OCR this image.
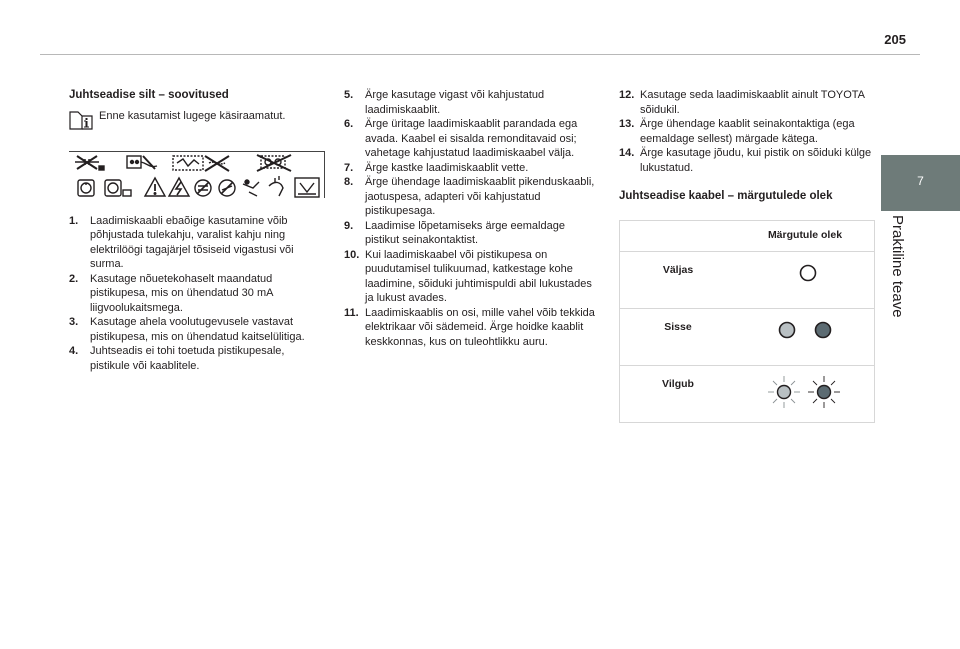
205
7
Praktiline teave
Juhtseadise silt – soovitused
Enne kasutamist lugege käsiraamatut.
1.	Laadimiskaabli ebaõige kasutamine võib põhjustada tulekahju, varalist kahju ning elektrilöögi tagajärjel tõsiseid vigastusi või surma.
2.	Kasutage nõuetekohaselt maandatud pistikupesa, mis on ühendatud 30 mA liigvoolukaitsmega.
3.	Kasutage ahela voolutugevusele vastavat pistikupesa, mis on ühendatud kaitselülitiga.
4.	Juhtseadis ei tohi toetuda pistikupesale, pistikule või kaablitele.
5.	Ärge kasutage vigast või kahjustatud laadimiskaablit.
6.	Ärge üritage laadimiskaablit parandada ega avada. Kaabel ei sisalda remonditavaid osi; vahetage kahjustatud laadimiskaabel välja.
7.	Ärge kastke laadimiskaablit vette.
8.	Ärge ühendage laadimiskaablit pikenduskaabli, jaotuspesa, adapteri või kahjustatud pistikupesaga.
9.	Laadimise lõpetamiseks ärge eemaldage pistikut seinakontaktist.
10. Kui laadimiskaabel või pistikupesa on puudutamisel tulikuumad, katkestage kohe laadimine, sõiduki juhtimispuldi abil lukustades ja lukust avades.
11. Laadimiskaablis on osi, mille vahel võib tekkida elektrikaar või sädemeid. Ärge hoidke kaablit keskkonnas, kus on tuleohtlikku auru.
12. Kasutage seda laadimiskaablit ainult TOYOTA sõidukil.
13. Ärge ühendage kaablit seinakontaktiga (ega eemaldage sellest) märgade kätega.
14. Ärge kasutage jõudu, kui pistik on sõiduki külge lukustatud.
Juhtseadise kaabel – märgutulede olek
	Märgutule olek
Väljas	
Sisse	
Vilgub	
